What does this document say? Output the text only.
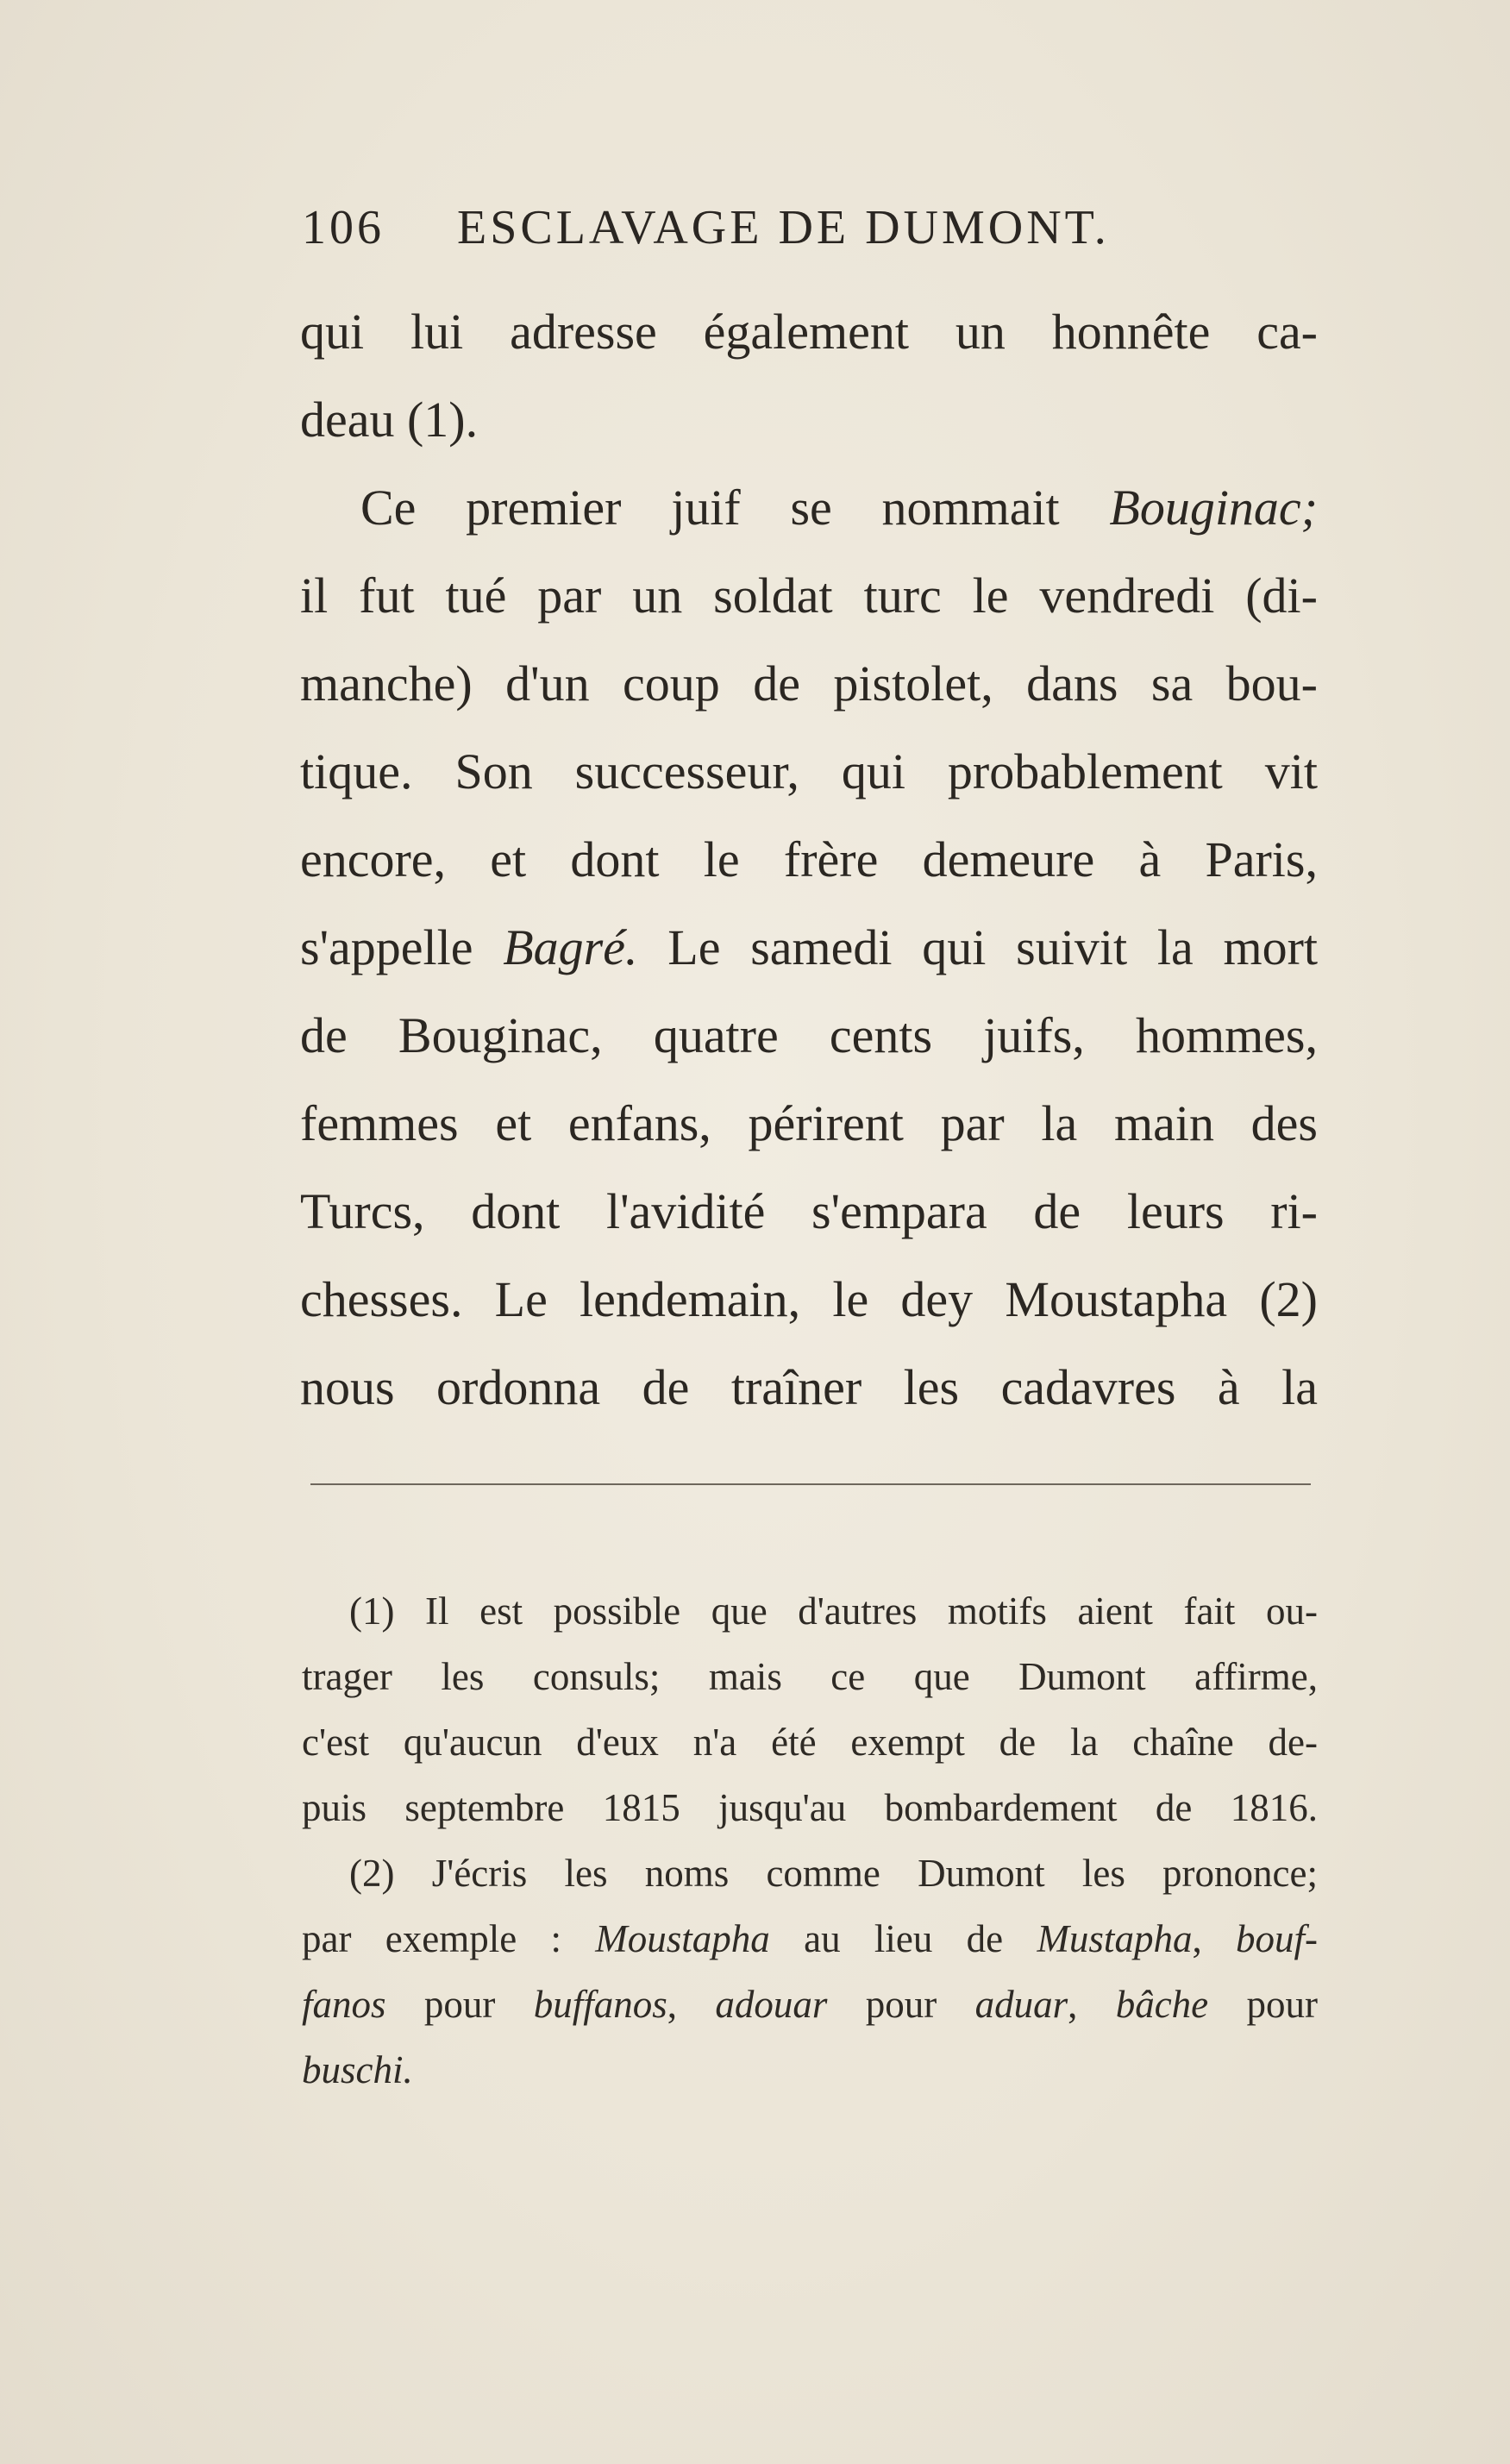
106 ESCLAVAGE DE DUMONT.
qui lui adresse également un honnête ca-
deau (1).
Ce premier juif se nommait Bouginac;
il fut tué par un soldat turc le vendredi (di-
manche) d'un coup de pistolet, dans sa bou-
tique. Son successeur, qui probablement vit
encore, et dont le frère demeure à Paris,
s'appelle Bagré. Le samedi qui suivit la mort
de Bouginac, quatre cents juifs, hommes,
femmes et enfans, périrent par la main des
Turcs, dont l'avidité s'empara de leurs ri-
chesses. Le lendemain, le dey Moustapha (2)
nous ordonna de traîner les cadavres à la
(1) Il est possible que d'autres motifs aient fait ou-
trager les consuls; mais ce que Dumont affirme,
c'est qu'aucun d'eux n'a été exempt de la chaîne de-
puis septembre 1815 jusqu'au bombardement de 1816.
(2) J'écris les noms comme Dumont les prononce;
par exemple : Moustapha au lieu de Mustapha, bouf-
fanos pour buffanos, adouar pour aduar, bâche pour
buschi.
